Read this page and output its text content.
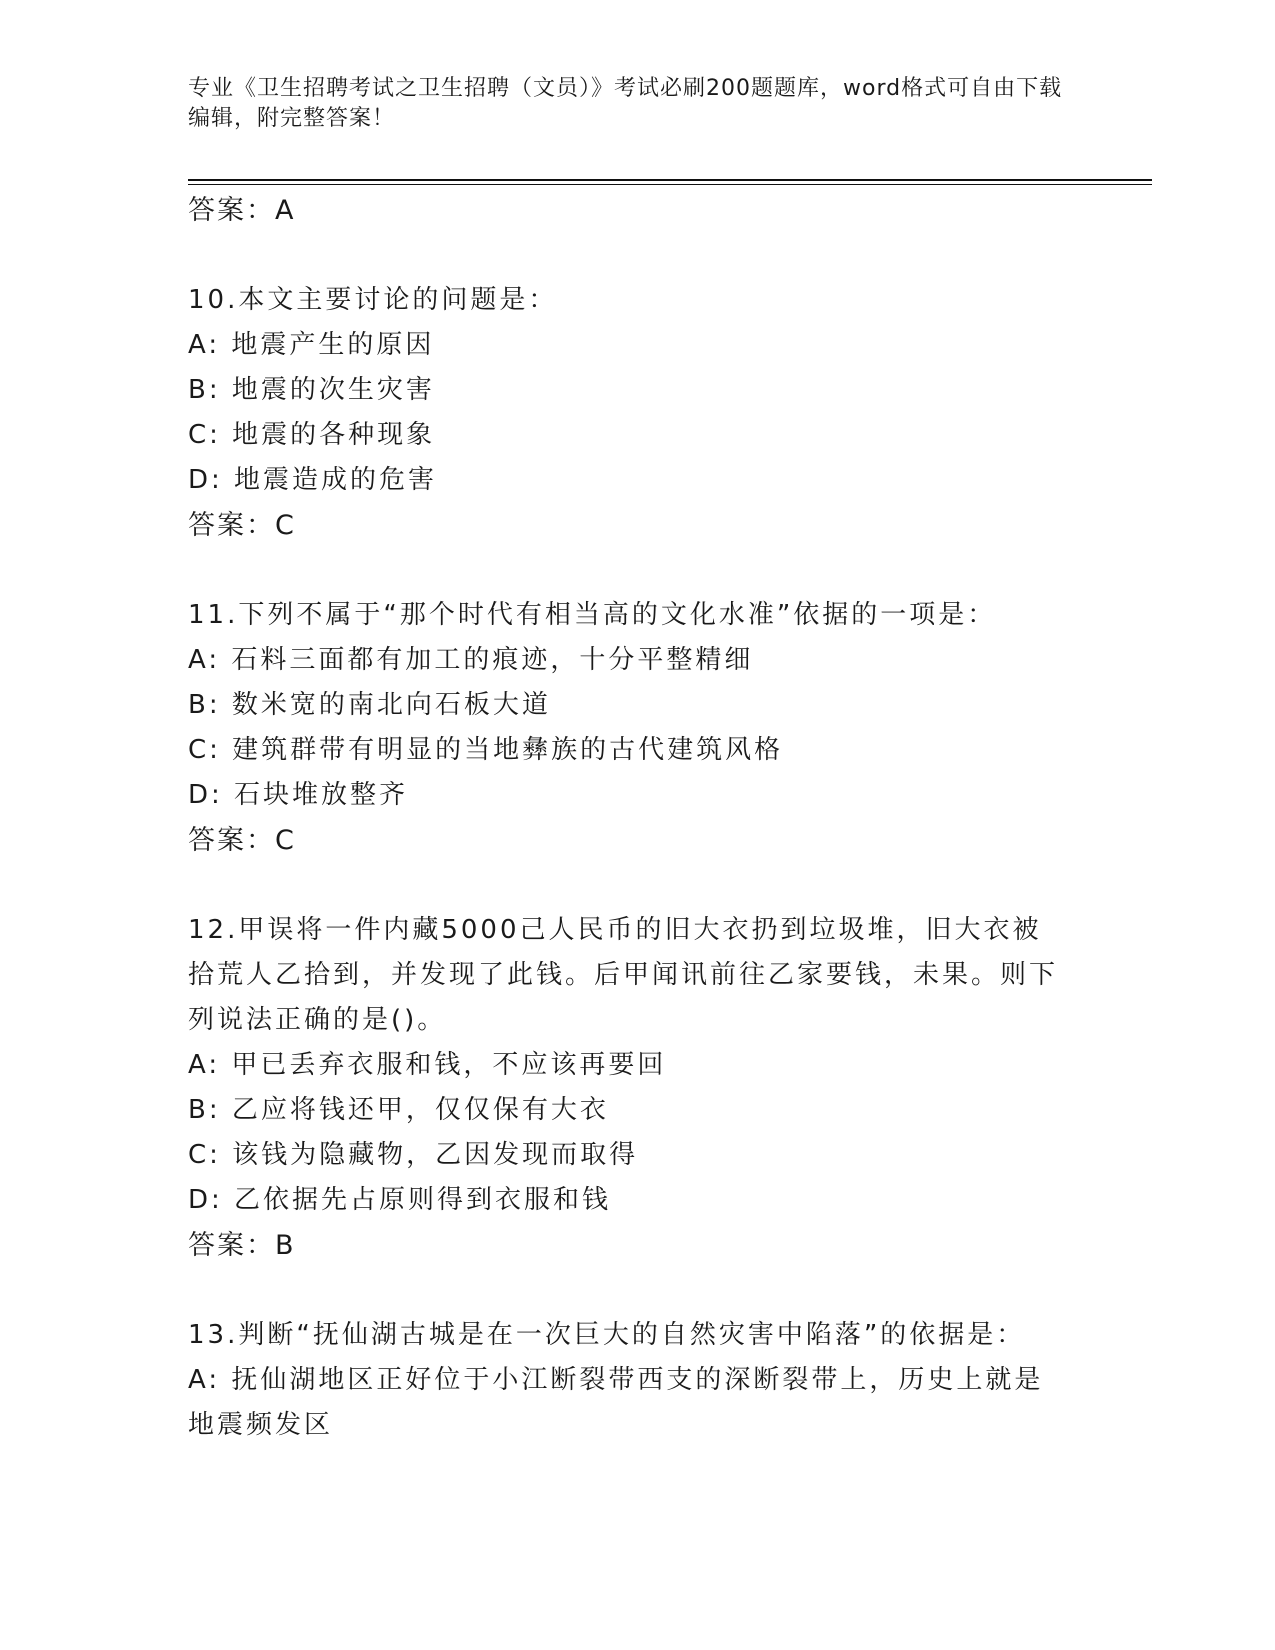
专业《卫生招聘考试之卫生招聘（文员）》考试必刷200题题库，word格式可自由下载编辑，附完整答案！
答案：A
10.本文主要讨论的问题是：
A: 地震产生的原因
B: 地震的次生灾害
C: 地震的各种现象
D: 地震造成的危害
答案：C
11.下列不属于“那个时代有相当高的文化水准”依据的一项是：
A: 石料三面都有加工的痕迹，十分平整精细
B: 数米宽的南北向石板大道
C: 建筑群带有明显的当地彝族的古代建筑风格
D: 石块堆放整齐
答案：C
12.甲误将一件内藏5000己人民币的旧大衣扔到垃圾堆，旧大衣被拾荒人乙拾到，并发现了此钱。后甲闻讯前往乙家要钱，未果。则下列说法正确的是()。
A: 甲已丢弃衣服和钱，不应该再要回
B: 乙应将钱还甲，仅仅保有大衣
C: 该钱为隐藏物，乙因发现而取得
D: 乙依据先占原则得到衣服和钱
答案：B
13.判断“抚仙湖古城是在一次巨大的自然灾害中陷落”的依据是：
A: 抚仙湖地区正好位于小江断裂带西支的深断裂带上，历史上就是地震频发区
